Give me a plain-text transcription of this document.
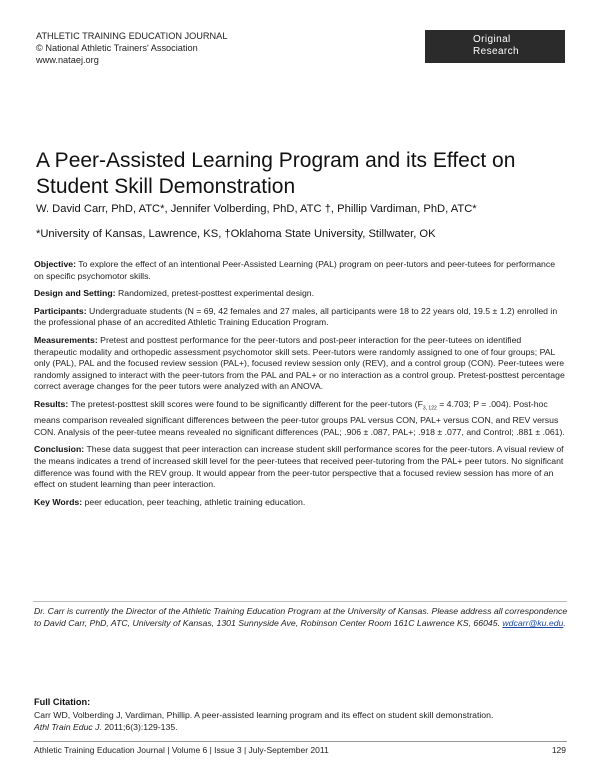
ATHLETIC TRAINING EDUCATION JOURNAL
© National Athletic Trainers' Association
www.nataej.org
Original
Research
A Peer-Assisted Learning Program and its Effect on Student Skill Demonstration
W. David Carr, PhD, ATC*, Jennifer Volberding, PhD, ATC †, Phillip Vardiman, PhD, ATC*
*University of Kansas, Lawrence, KS, †Oklahoma State University, Stillwater, OK

Objective: To explore the effect of an intentional Peer-Assisted Learning (PAL) program on peer-tutors and peer-tutees for performance on specific psychomotor skills.

Design and Setting: Randomized, pretest-posttest experimental design.

Participants: Undergraduate students (N = 69, 42 females and 27 males, all participants were 18 to 22 years old, 19.5 ± 1.2) enrolled in the professional phase of an accredited Athletic Training Education Program.

Measurements: Pretest and posttest performance for the peer-tutors and post-peer interaction for the peer-tutees on identified therapeutic modality and orthopedic assessment psychomotor skill sets. Peer-tutors were randomly assigned to one of four groups; PAL only (PAL), PAL and the focused review session (PAL+), focused review session only (REV), and a control group (CON). Peer-tutees were randomly assigned to interact with the peer-tutors from the PAL and PAL+ or no interaction as a control group. Pretest-posttest percentage correct average changes for the peer tutors were analyzed with an ANOVA.

Results: The pretest-posttest skill scores were found to be significantly different for the peer-tutors ($F_{3, 122} = 4.703$; P = .004). Post-hoc means comparison revealed significant differences between the peer-tutor groups PAL versus CON, PAL+ versus CON, and REV versus CON. Analysis of the peer-tutee means revealed no significant differences (PAL; .906 ± .087, PAL+; .918 ± .077, and Control; .881 ± .061).

Conclusion: These data suggest that peer interaction can increase student skill performance scores for the peer-tutors. A visual review of the means indicates a trend of increased skill level for the peer-tutees that received peer-tutoring from the PAL+ peer tutors. No significant difference was found with the REV group. It would appear from the peer-tutor perspective that a focused review session has more of an effect on student learning than peer interaction.

Key Words: peer education, peer teaching, athletic training education.

Dr. Carr is currently the Director of the Athletic Training Education Program at the University of Kansas. Please address all correspondence to David Carr, PhD, ATC, University of Kansas, 1301 Sunnyside Ave, Robinson Center Room 161C Lawrence KS, 66045. wdcarr@ku.edu.
Full Citation:
Carr WD, Volberding J, Vardiman, Phillip. A peer-assisted learning program and its effect on student skill demonstration.
Athl Train Educ J. 2011;6(3):129-135.
Athletic Training Education Journal | Volume 6 | Issue 3 | July-September 2011	129
